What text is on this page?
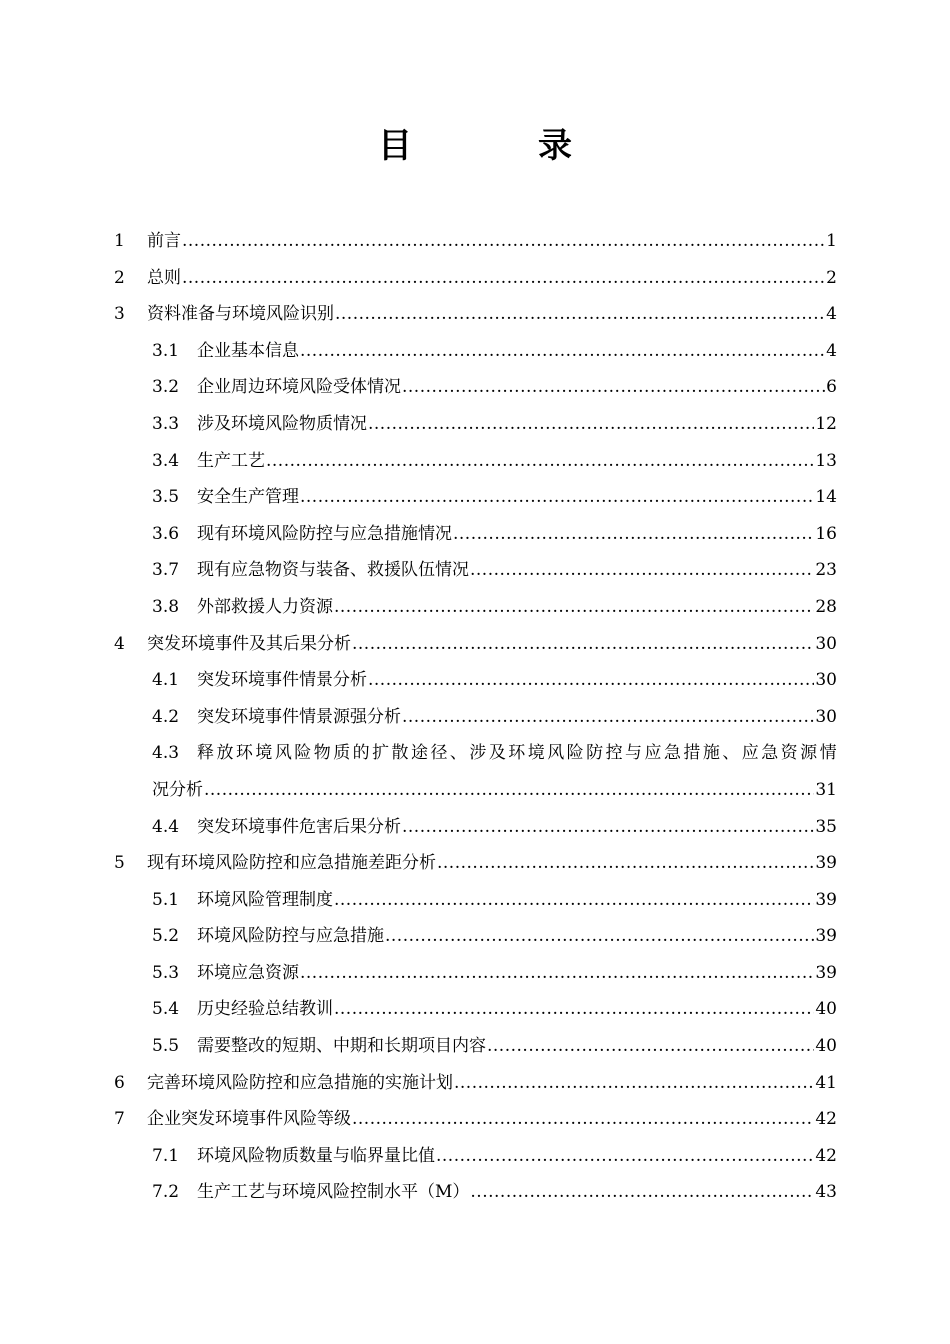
目　录
1 前言 .....	1
2 总则 .....	2
3 资料准备与环境风险识别 .....	4
3.1 企业基本信息 .....	4
3.2 企业周边环境风险受体情况 .....	6
3.3 涉及环境风险物质情况 .....	12
3.4 生产工艺 .....	13
3.5 安全生产管理 .....	14
3.6 现有环境风险防控与应急措施情况 .....	16
3.7 现有应急物资与装备、救援队伍情况 .....	23
3.8 外部救援人力资源 .....	28
4 突发环境事件及其后果分析 .....	30
4.1 突发环境事件情景分析 .....	30
4.2 突发环境事件情景源强分析 .....	30
4.3 释放环境风险物质的扩散途径、涉及环境风险防控与应急措施、应急资源情
况分析 .....	31
4.4 突发环境事件危害后果分析 .....	35
5 现有环境风险防控和应急措施差距分析 .....	39
5.1 环境风险管理制度 .....	39
5.2 环境风险防控与应急措施 .....	39
5.3 环境应急资源 .....	39
5.4 历史经验总结教训 .....	40
5.5 需要整改的短期、中期和长期项目内容 .....	40
6 完善环境风险防控和应急措施的实施计划 .....	41
7 企业突发环境事件风险等级 .....	42
7.1 环境风险物质数量与临界量比值 .....	42
7.2 生产工艺与环境风险控制水平（M） .....	43
